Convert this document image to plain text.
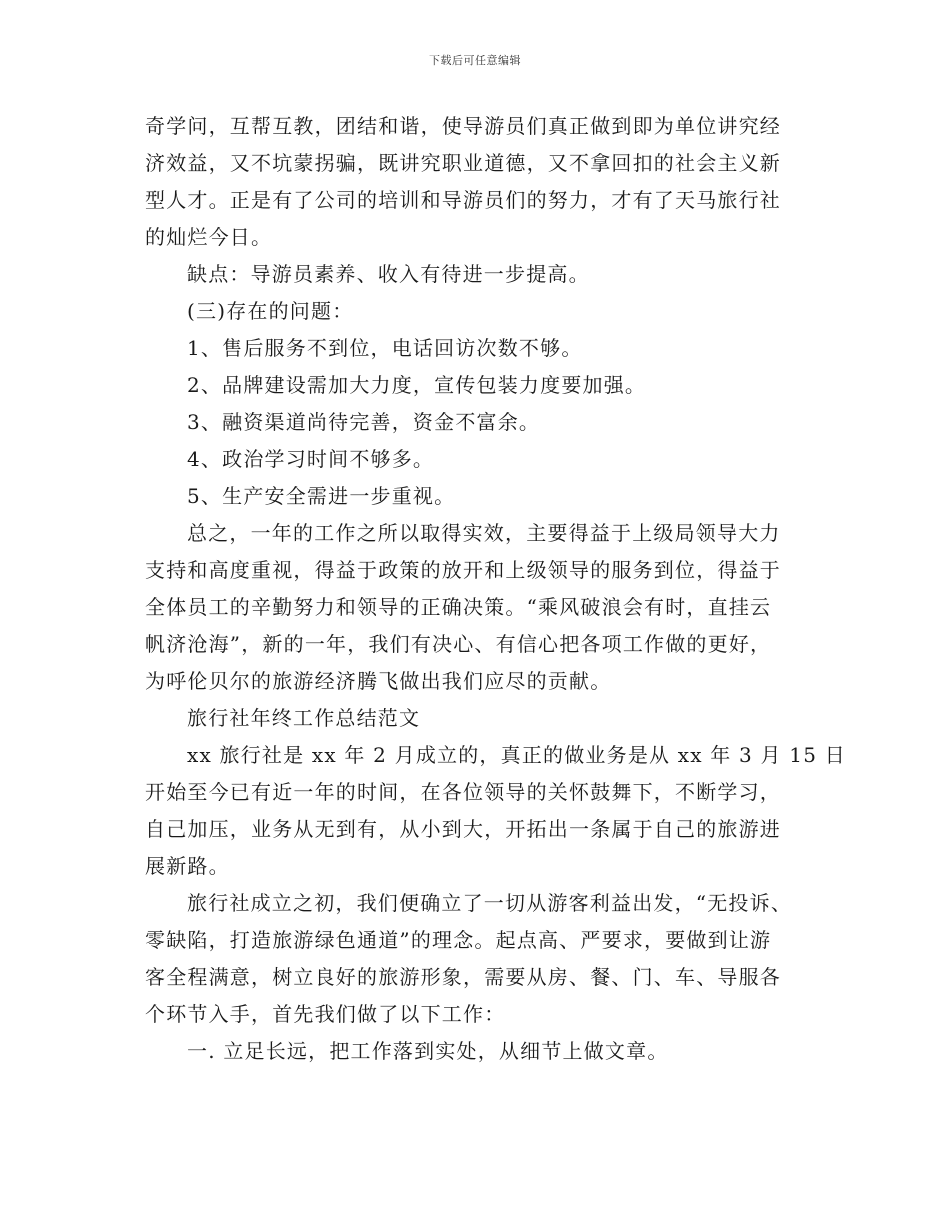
下载后可任意编辑
奇学问，互帮互教，团结和谐，使导游员们真正做到即为单位讲究经
济效益，又不坑蒙拐骗，既讲究职业道德，又不拿回扣的社会主义新
型人才。正是有了公司的培训和导游员们的努力，才有了天马旅行社
的灿烂今日。
缺点：导游员素养、收入有待进一步提高。
(三)存在的问题：
1、售后服务不到位，电话回访次数不够。
2、品牌建设需加大力度，宣传包装力度要加强。
3、融资渠道尚待完善，资金不富余。
4、政治学习时间不够多。
5、生产安全需进一步重视。
总之，一年的工作之所以取得实效，主要得益于上级局领导大力
支持和高度重视，得益于政策的放开和上级领导的服务到位，得益于
全体员工的辛勤努力和领导的正确决策。“乘风破浪会有时，直挂云
帆济沧海”，新的一年，我们有决心、有信心把各项工作做的更好，
为呼伦贝尔的旅游经济腾飞做出我们应尽的贡献。
旅行社年终工作总结范文
xx 旅行社是 xx 年 2 月成立的，真正的做业务是从 xx 年 3 月 15 日
开始至今已有近一年的时间，在各位领导的关怀鼓舞下，不断学习，
自己加压，业务从无到有，从小到大，开拓出一条属于自己的旅游进
展新路。
旅行社成立之初，我们便确立了一切从游客利益出发，“无投诉、
零缺陷，打造旅游绿色通道”的理念。起点高、严要求，要做到让游
客全程满意，树立良好的旅游形象，需要从房、餐、门、车、导服各
个环节入手，首先我们做了以下工作：
一. 立足长远，把工作落到实处，从细节上做文章。
